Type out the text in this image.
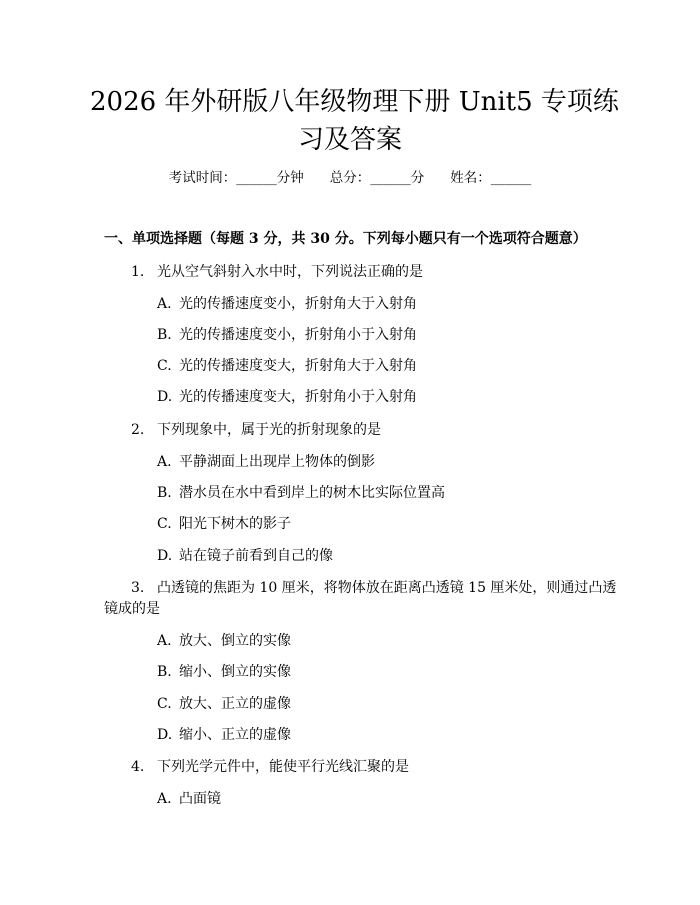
2026 年外研版八年级物理下册 Unit5 专项练
习及答案
考试时间：______分钟 总分：______分 姓名：______
一、单项选择题（每题 3 分，共 30 分。下列每小题只有一个选项符合题意）
1. 光从空气斜射入水中时，下列说法正确的是
A. 光的传播速度变小，折射角大于入射角
B. 光的传播速度变小，折射角小于入射角
C. 光的传播速度变大，折射角大于入射角
D. 光的传播速度变大，折射角小于入射角
2. 下列现象中，属于光的折射现象的是
A. 平静湖面上出现岸上物体的倒影
B. 潜水员在水中看到岸上的树木比实际位置高
C. 阳光下树木的影子
D. 站在镜子前看到自己的像
3. 凸透镜的焦距为 10 厘米，将物体放在距离凸透镜 15 厘米处，则通过凸透
镜成的是
A. 放大、倒立的实像
B. 缩小、倒立的实像
C. 放大、正立的虚像
D. 缩小、正立的虚像
4. 下列光学元件中，能使平行光线汇聚的是
A. 凸面镜
